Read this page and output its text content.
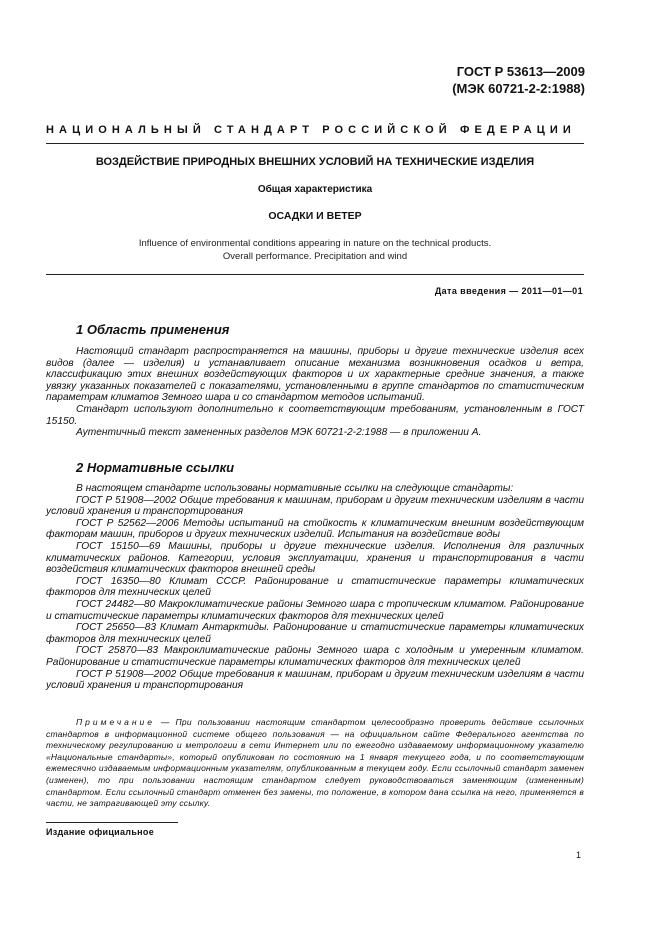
ГОСТ Р 53613—2009
(МЭК 60721-2-2:1988)
НАЦИОНАЛЬНЫЙ СТАНДАРТ РОССИЙСКОЙ ФЕДЕРАЦИИ
ВОЗДЕЙСТВИЕ ПРИРОДНЫХ ВНЕШНИХ УСЛОВИЙ НА ТЕХНИЧЕСКИЕ ИЗДЕЛИЯ
Общая характеристика
ОСАДКИ И ВЕТЕР
Influence of environmental conditions appearing in nature on the technical products.
Overall performance. Precipitation and wind
Дата введения — 2011—01—01
1 Область применения

Настоящий стандарт распространяется на машины, приборы и другие технические изделия всех видов (далее — изделия) и устанавливает описание механизма возникновения осадков и ветра, классификацию этих внешних воздействующих факторов и их характерные средние значения, а также увязку указанных показателей с показателями, установленными в группе стандартов по статистическим параметрам климатов Земного шара и со стандартом методов испытаний.

Стандарт используют дополнительно к соответствующим требованиям, установленным в ГОСТ 15150.

Аутентичный текст замененных разделов МЭК 60721-2-2:1988 — в приложении А.

2 Нормативные ссылки

В настоящем стандарте использованы нормативные ссылки на следующие стандарты:

ГОСТ Р 51908—2002 Общие требования к машинам, приборам и другим техническим изделиям в части условий хранения и транспортирования

ГОСТ Р 52562—2006 Методы испытаний на стойкость к климатическим внешним воздействующим факторам машин, приборов и других технических изделий. Испытания на воздействие воды

ГОСТ 15150—69 Машины, приборы и другие технические изделия. Исполнения для различных климатических районов. Категории, условия эксплуатации, хранения и транспортирования в части воздействия климатических факторов внешней среды

ГОСТ 16350—80 Климат СССР. Районирование и статистические параметры климатических факторов для технических целей

ГОСТ 24482—80 Макроклиматические районы Земного шара с тропическим климатом. Районирование и статистические параметры климатических факторов для технических целей

ГОСТ 25650—83 Климат Антарктиды. Районирование и статистические параметры климатических факторов для технических целей

ГОСТ 25870—83 Макроклиматические районы Земного шара с холодным и умеренным климатом. Районирование и статистические параметры климатических факторов для технических целей

ГОСТ Р 51908—2002 Общие требования к машинам, приборам и другим техническим изделиям в части условий хранения и транспортирования

Примечание — При пользовании настоящим стандартом целесообразно проверить действие ссылочных стандартов в информационной системе общего пользования — на официальном сайте Федерального агентства по техническому регулированию и метрологии в сети Интернет или по ежегодно издаваемому информационному указателю «Национальные стандарты», который опубликован по состоянию на 1 января текущего года, и по соответствующим ежемесячно издаваемым информационным указателям, опубликованным в текущем году. Если ссылочный стандарт заменен (изменен), то при пользовании настоящим стандартом следует руководствоваться заменяющим (измененным) стандартом. Если ссылочный стандарт отменен без замены, то положение, в котором дана ссылка на него, применяется в части, не затрагивающей эту ссылку.
Издание официальное
1
